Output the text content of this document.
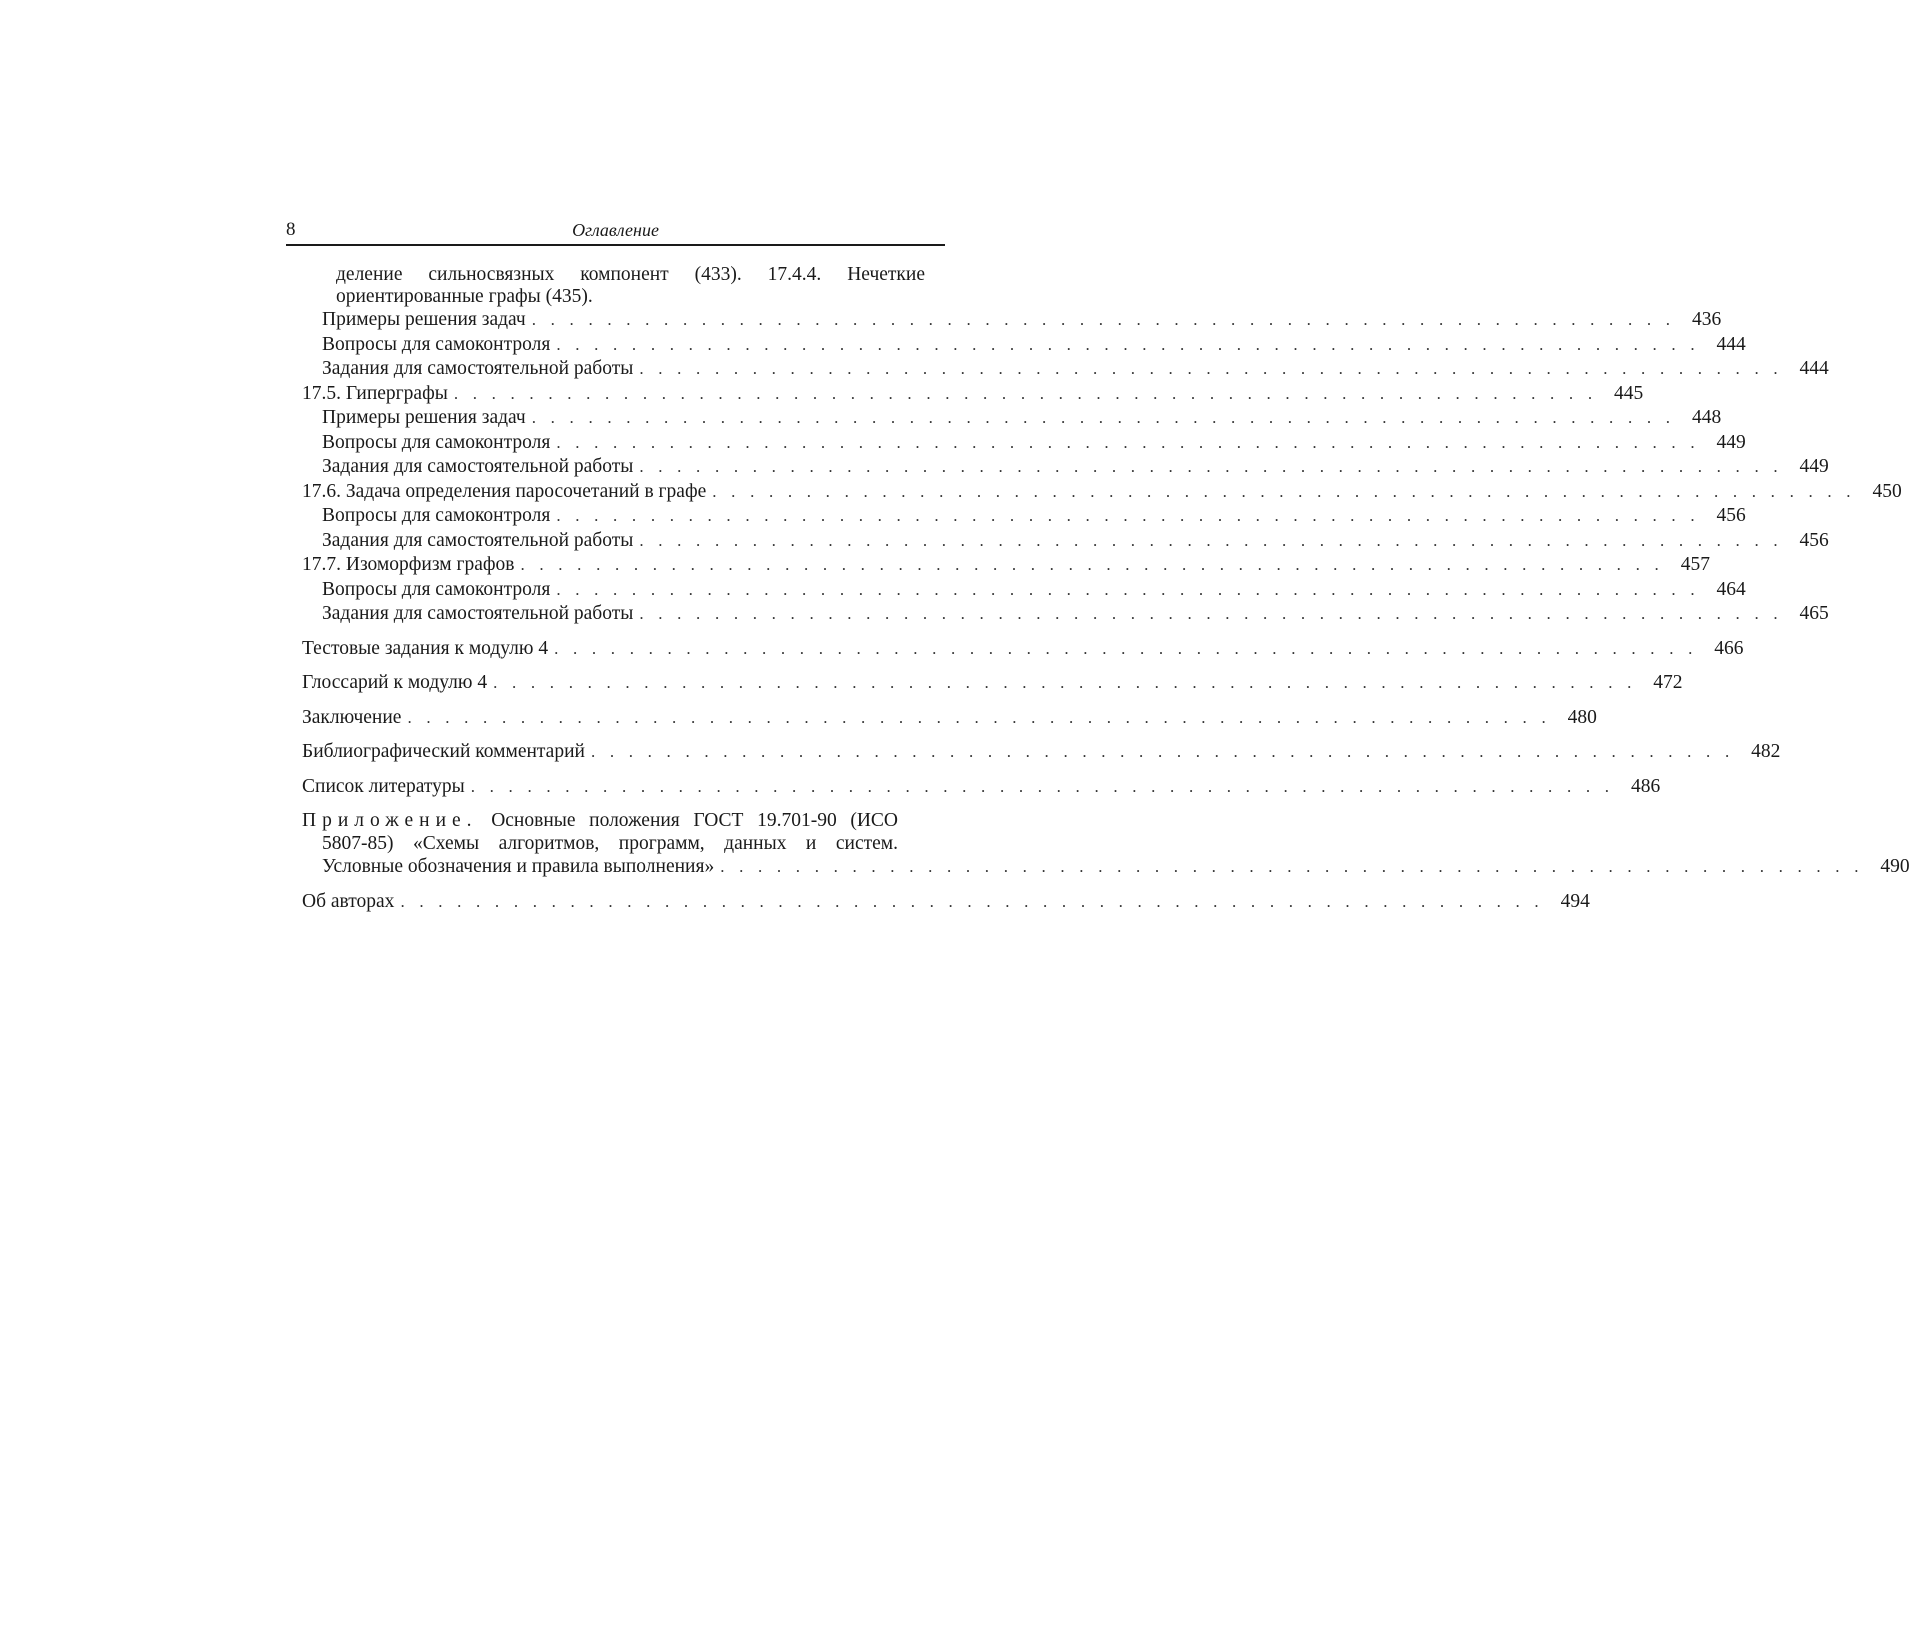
8	Оглавление
деление сильносвязных компонент (433). 17.4.4. Нечеткие
ориентированные графы (435).
Примеры решения задач . . . . . . . . . . . . . . . . . . . . . . . . . . . . . . . . . . . . . . . . . . . . . . . . . . . . . . . . . . . . . 436
Вопросы для самоконтроля . . . . . . . . . . . . . . . . . . . . . . . . . . . . . . . . . . . . . . . . . . . . . . . . . . . . . . . . . . . . . 444
Задания для самостоятельной работы . . . . . . . . . . . . . . . . . . . . . . . . . . . . . . . . . . . . . . . . . . . . . . . . . . . . . . . . . . . . . 444
17.5. Гиперграфы . . . . . . . . . . . . . . . . . . . . . . . . . . . . . . . . . . . . . . . . . . . . . . . . . . . . . . . . . . . . . 445
Примеры решения задач . . . . . . . . . . . . . . . . . . . . . . . . . . . . . . . . . . . . . . . . . . . . . . . . . . . . . . . . . . . . . 448
Вопросы для самоконтроля . . . . . . . . . . . . . . . . . . . . . . . . . . . . . . . . . . . . . . . . . . . . . . . . . . . . . . . . . . . . . 449
Задания для самостоятельной работы . . . . . . . . . . . . . . . . . . . . . . . . . . . . . . . . . . . . . . . . . . . . . . . . . . . . . . . . . . . . . 449
17.6. Задача определения паросочетаний в графе . . . . . . . . . . . . . . . . . . . . . . . . . . . . . . . . . . . . . . . . . . . . . . . . . . . . . . . . . . . . . 450
Вопросы для самоконтроля . . . . . . . . . . . . . . . . . . . . . . . . . . . . . . . . . . . . . . . . . . . . . . . . . . . . . . . . . . . . . 456
Задания для самостоятельной работы . . . . . . . . . . . . . . . . . . . . . . . . . . . . . . . . . . . . . . . . . . . . . . . . . . . . . . . . . . . . . 456
17.7. Изоморфизм графов . . . . . . . . . . . . . . . . . . . . . . . . . . . . . . . . . . . . . . . . . . . . . . . . . . . . . . . . . . . . . 457
Вопросы для самоконтроля . . . . . . . . . . . . . . . . . . . . . . . . . . . . . . . . . . . . . . . . . . . . . . . . . . . . . . . . . . . . . 464
Задания для самостоятельной работы . . . . . . . . . . . . . . . . . . . . . . . . . . . . . . . . . . . . . . . . . . . . . . . . . . . . . . . . . . . . . 465
Тестовые задания к модулю 4 . . . . . . . . . . . . . . . . . . . . . . . . . . . . . . . . . . . . . . . . . . . . . . . . . . . . . . . . . . . . . 466
Глоссарий к модулю 4 . . . . . . . . . . . . . . . . . . . . . . . . . . . . . . . . . . . . . . . . . . . . . . . . . . . . . . . . . . . . . 472
Заключение . . . . . . . . . . . . . . . . . . . . . . . . . . . . . . . . . . . . . . . . . . . . . . . . . . . . . . . . . . . . . 480
Библиографический комментарий . . . . . . . . . . . . . . . . . . . . . . . . . . . . . . . . . . . . . . . . . . . . . . . . . . . . . . . . . . . . . 482
Список литературы . . . . . . . . . . . . . . . . . . . . . . . . . . . . . . . . . . . . . . . . . . . . . . . . . . . . . . . . . . . . . 486
Приложение. Основные положения ГОСТ 19.701-90 (ИСО
5807-85) «Схемы алгоритмов, программ, данных и систем.
Условные обозначения и правила выполнения» . . . . . . . . . . . . . . . . . . . . . . . . . . . . . . . . . . . . . . . . . . . . . . . . . . . . . . . . . . . . . 490
Об авторах . . . . . . . . . . . . . . . . . . . . . . . . . . . . . . . . . . . . . . . . . . . . . . . . . . . . . . . . . . . . . 494
